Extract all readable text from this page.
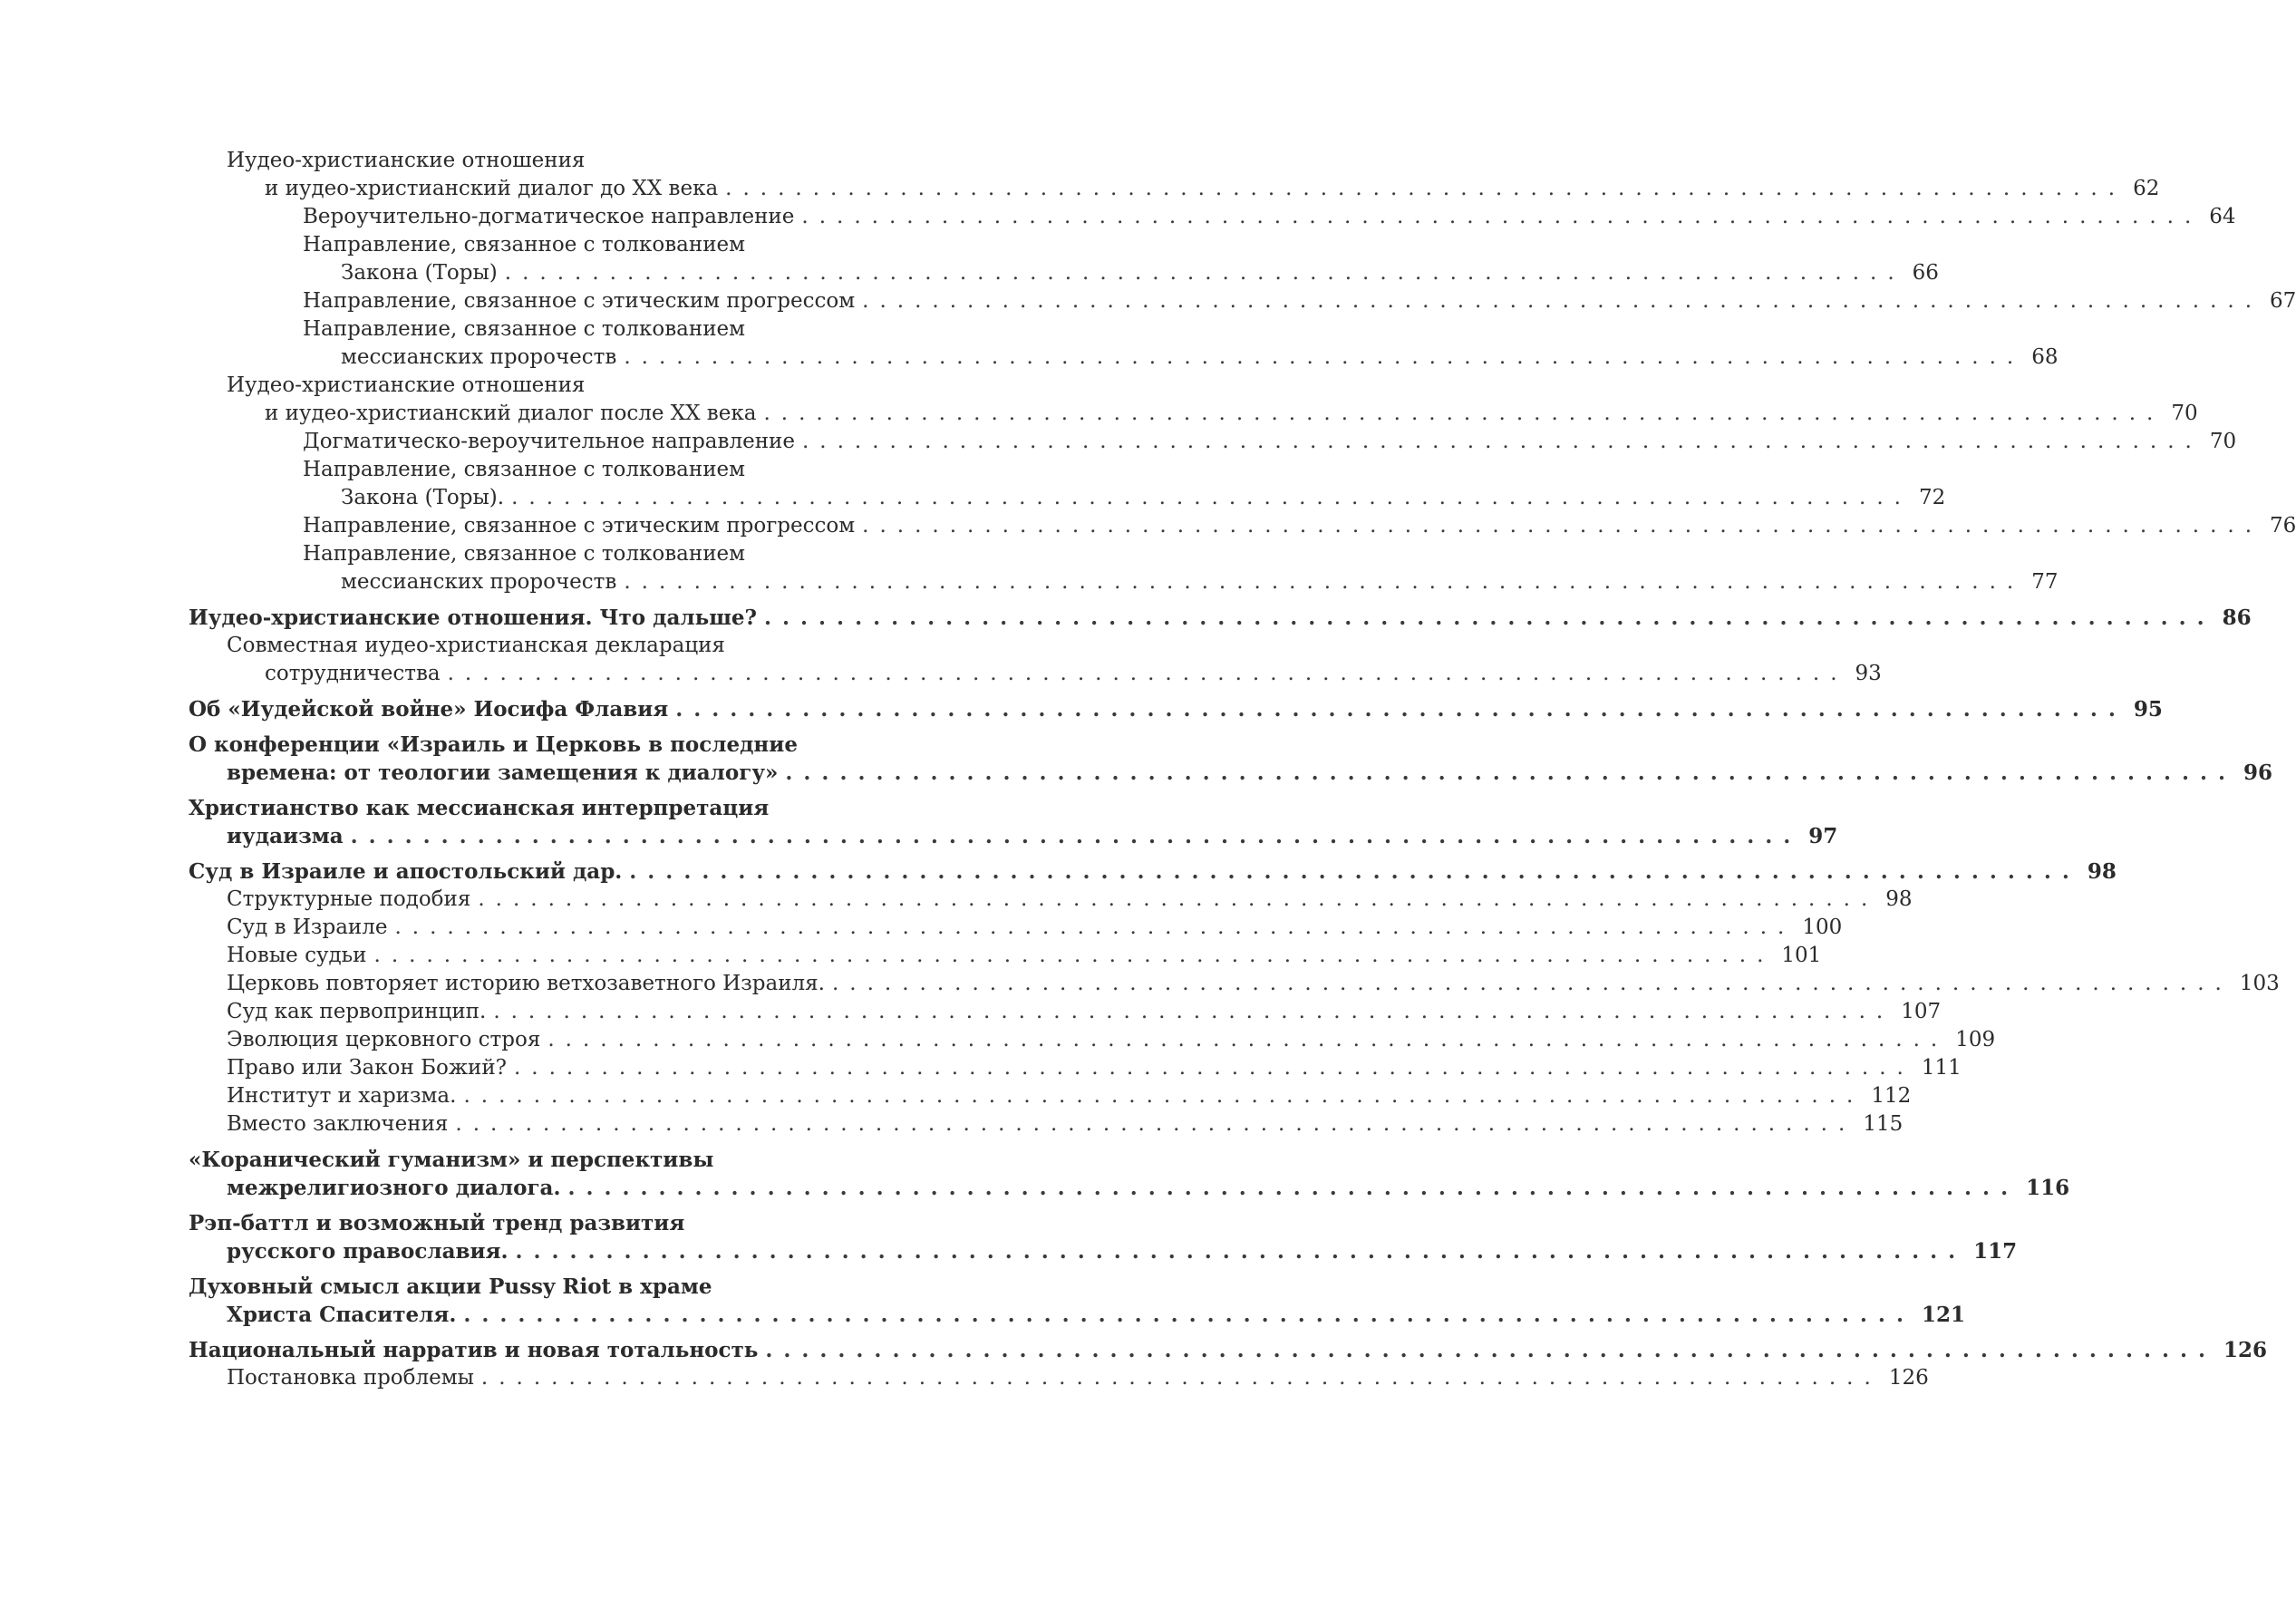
Иудео-христианские отношения
и иудео-христианский диалог до XX века ................................................................................ 62
Вероучительно-догматическое направление ................................................................................ 64
Направление, связанное с толкованием
Закона (Торы) ................................................................................ 66
Направление, связанное с этическим прогрессом ................................................................................ 67
Направление, связанное с толкованием
мессианских пророчеств ................................................................................ 68
Иудео-христианские отношения
и иудео-христианский диалог после XX века ................................................................................ 70
Догматическо-вероучительное направление ................................................................................ 70
Направление, связанное с толкованием
Закона (Торы). ................................................................................ 72
Направление, связанное с этическим прогрессом ................................................................................ 76
Направление, связанное с толкованием
мессианских пророчеств ................................................................................ 77
Иудео-христианские отношения. Что дальше? ................................................................................ 86
Совместная иудео-христианская декларация
сотрудничества ................................................................................ 93
Об «Иудейской войне» Иосифа Флавия ................................................................................ 95
О конференции «Израиль и Церковь в последние
времена: от теологии замещения к диалогу» ................................................................................ 96
Христианство как мессианская интерпретация
иудаизма ................................................................................ 97
Суд в Израиле и апостольский дар. ................................................................................ 98
Структурные подобия ................................................................................ 98
Суд в Израиле ................................................................................ 100
Новые судьи ................................................................................ 101
Церковь повторяет историю ветхозаветного Израиля. ................................................................................ 103
Суд как первопринцип. ................................................................................ 107
Эволюция церковного строя ................................................................................ 109
Право или Закон Божий? ................................................................................ 111
Институт и харизма. ................................................................................ 112
Вместо заключения ................................................................................ 115
«Коранический гуманизм» и перспективы
межрелигиозного диалога. ................................................................................ 116
Рэп-баттл и возможный тренд развития
русского православия. ................................................................................ 117
Духовный смысл акции Pussy Riot в храме
Христа Спасителя. ................................................................................ 121
Национальный нарратив и новая тотальность ................................................................................ 126
Постановка проблемы ................................................................................ 126
